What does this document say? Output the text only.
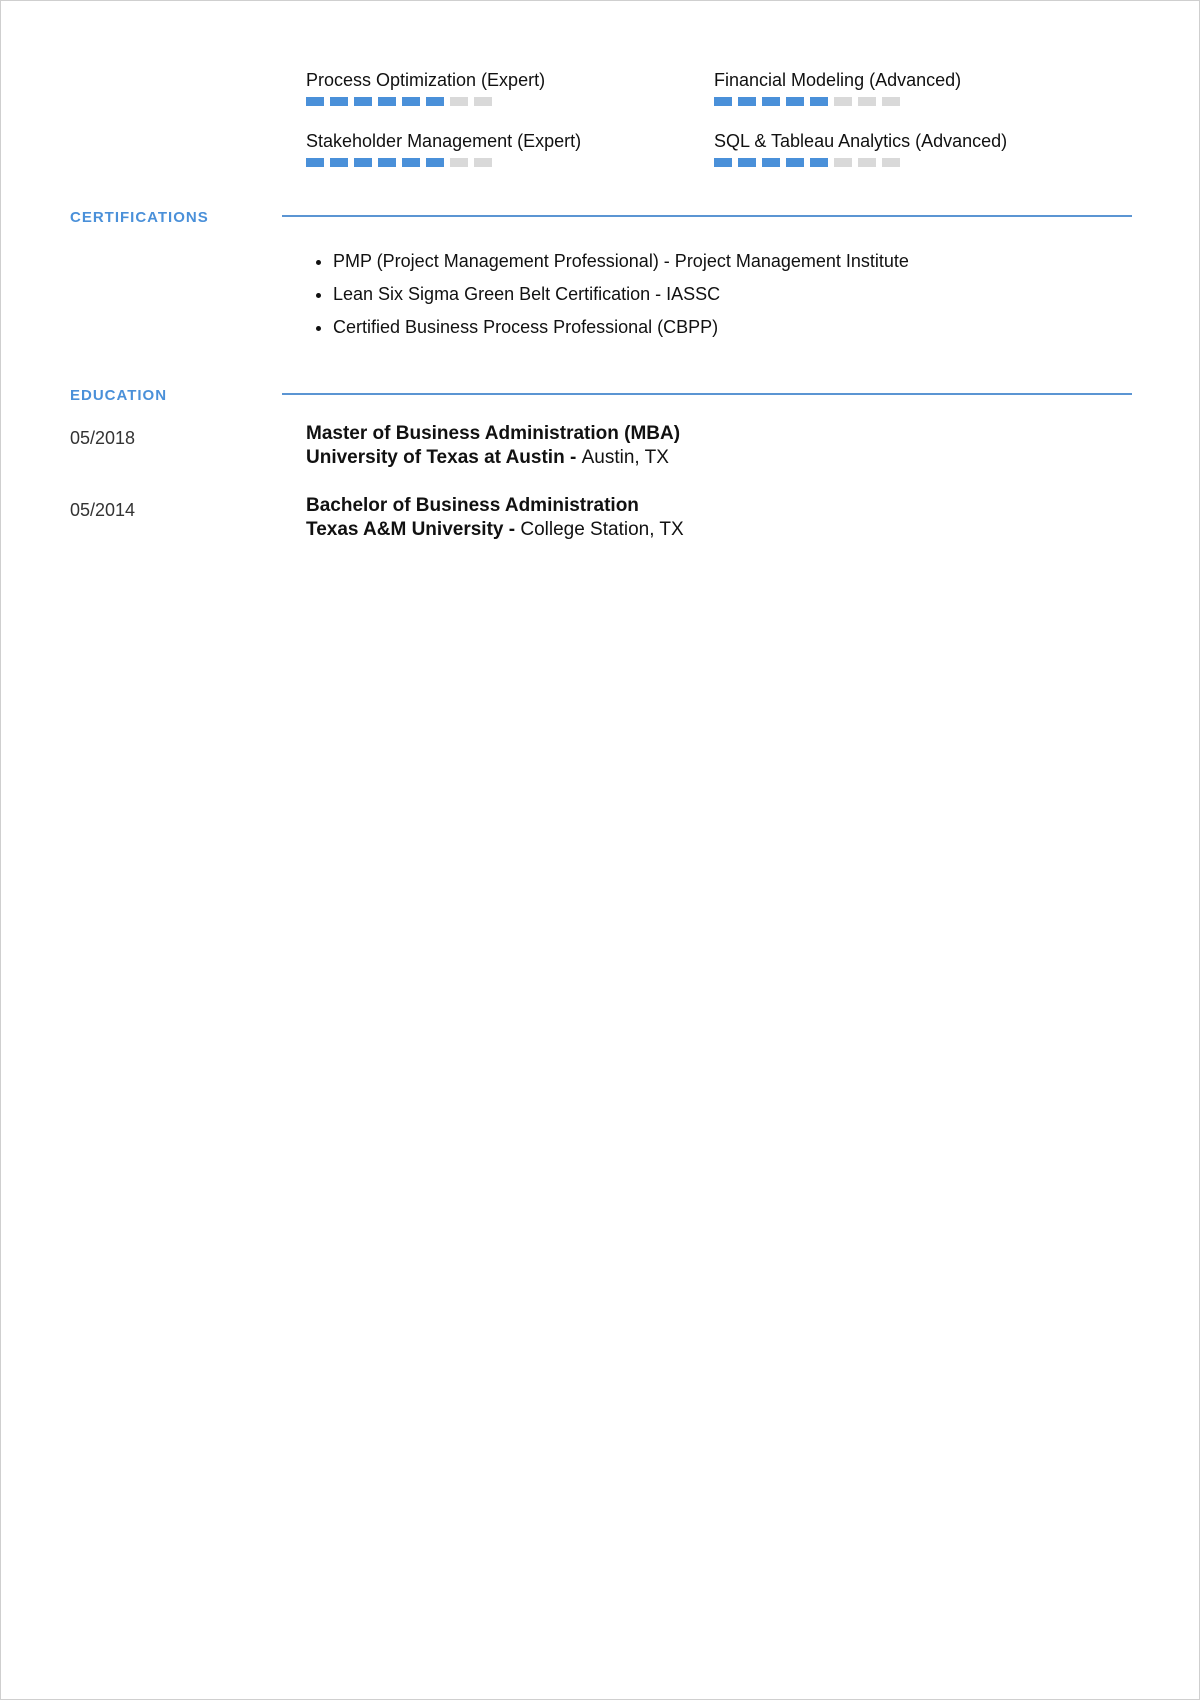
Process Optimization (Expert)	Financial Modeling (Advanced)
Stakeholder Management (Expert)	SQL & Tableau Analytics (Advanced)
CERTIFICATIONS
• PMP (Project Management Professional) - Project Management Institute
• Lean Six Sigma Green Belt Certification - IASSC
• Certified Business Process Professional (CBPP)
EDUCATION
05/2018	Master of Business Administration (MBA)
University of Texas at Austin - Austin, TX
05/2014	Bachelor of Business Administration
Texas A&M University - College Station, TX
